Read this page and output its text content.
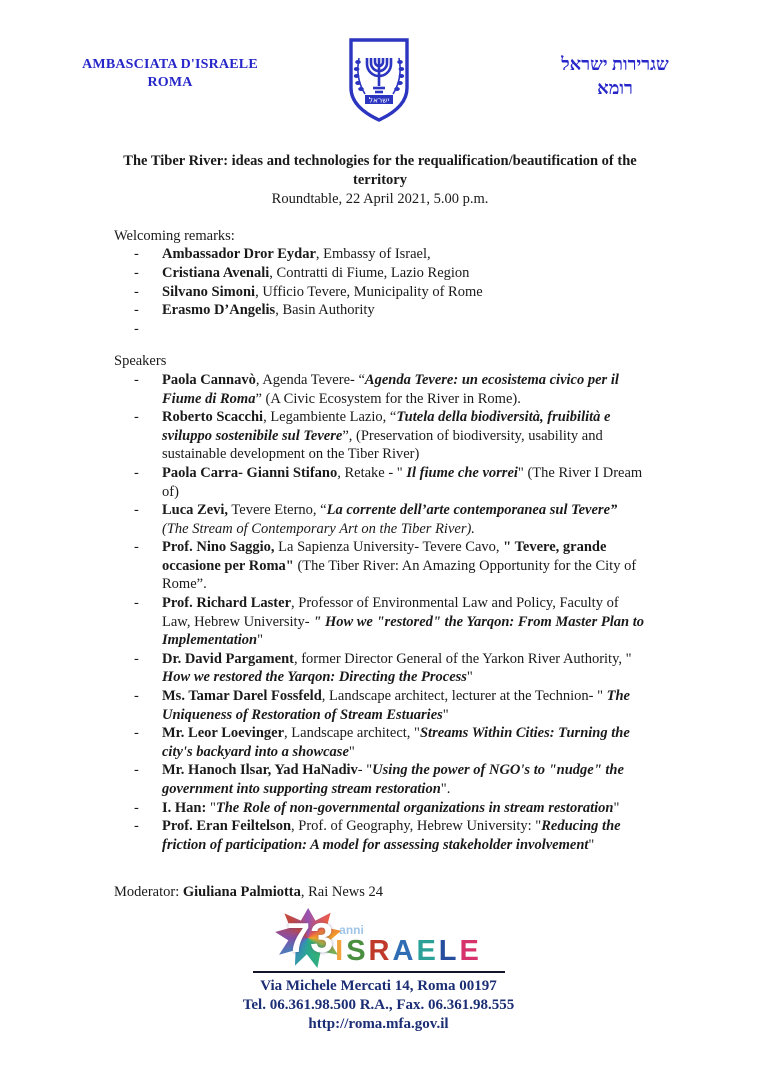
AMBASCIATA D'ISRAELE
ROMA
ישראל
שגרירות ישראל
רומא
The Tiber River: ideas and technologies for the requalification/beautification of the territory
Roundtable, 22 April 2021, 5.00 p.m.
Welcoming remarks:
-	Ambassador Dror Eydar, Embassy of Israel,
-	Cristiana Avenali, Contratti di Fiume, Lazio Region
-	Silvano Simoni, Ufficio Tevere, Municipality of Rome
-	Erasmo D’Angelis, Basin Authority
-
Speakers
-	Paola Cannavò, Agenda Tevere- “Agenda Tevere: un ecosistema civico per il Fiume di Roma” (A Civic Ecosystem for the River in Rome).
-	Roberto Scacchi, Legambiente Lazio, “Tutela della biodiversità, fruibilità e sviluppo sostenibile sul Tevere”, (Preservation of biodiversity, usability and sustainable development on the Tiber River)
-	Paola Carra- Gianni Stifano, Retake - " Il fiume che vorrei" (The River I Dream of)
-	Luca Zevi, Tevere Eterno, “La corrente dell’arte contemporanea sul Tevere” (The Stream of Contemporary Art on the Tiber River).
-	Prof. Nino Saggio, La Sapienza University- Tevere Cavo, " Tevere, grande occasione per Roma" (The Tiber River: An Amazing Opportunity for the City of Rome”.
-	Prof. Richard Laster, Professor of Environmental Law and Policy, Faculty of Law, Hebrew University- " How we "restored" the Yarqon: From Master Plan to Implementation"
-	Dr. David Pargament, former Director General of the Yarkon River Authority, " How we restored the Yarqon: Directing the Process"
-	Ms. Tamar Darel Fossfeld, Landscape architect, lecturer at the Technion- " The Uniqueness of Restoration of Stream Estuaries"
-	Mr. Leor Loevinger, Landscape architect, "Streams Within Cities: Turning the city's backyard into a showcase"
-	Mr. Hanoch Ilsar, Yad HaNadiv- "Using the power of NGO's to "nudge" the government into supporting stream restoration".
-	I. Han: "The Role of non-governmental organizations in stream restoration"
-	Prof. Eran Feiltelson, Prof. of Geography, Hebrew University: "Reducing the friction of participation: A model for assessing stakeholder involvement"
Moderator: Giuliana Palmiotta, Rai News 24
73 anni
ISRAELE
Via Michele Mercati 14, Roma 00197
Tel. 06.361.98.500 R.A., Fax. 06.361.98.555
http://roma.mfa.gov.il
